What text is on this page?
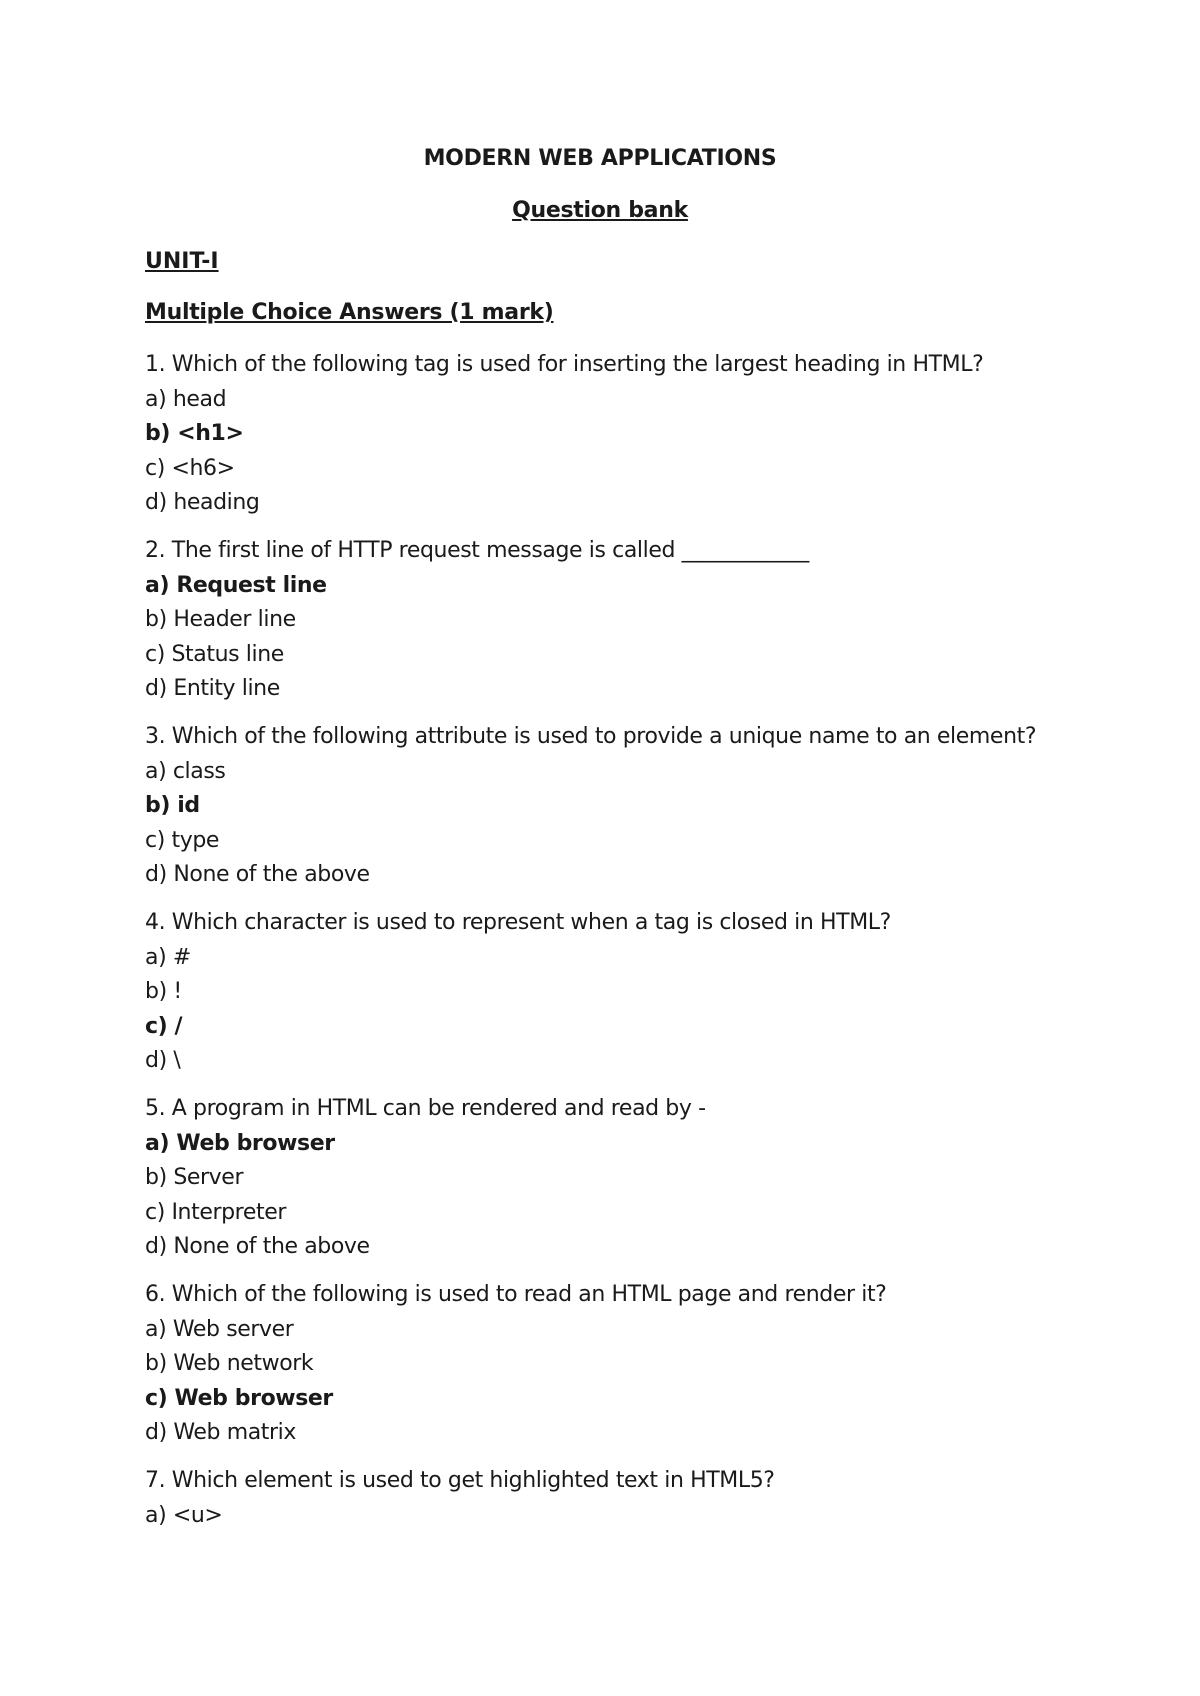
MODERN WEB APPLICATIONS
Question bank
UNIT-I
Multiple Choice Answers (1 mark)
1. Which of the following tag is used for inserting the largest heading in HTML?
a) head
b) <h1>
c) <h6>
d) heading
2. The first line of HTTP request message is called ____________
a) Request line
b) Header line
c) Status line
d) Entity line
3. Which of the following attribute is used to provide a unique name to an element?
a) class
b) id
c) type
d) None of the above
4. Which character is used to represent when a tag is closed in HTML?
a) #
b) !
c) /
d) \
5. A program in HTML can be rendered and read by -
a) Web browser
b) Server
c) Interpreter
d) None of the above
6. Which of the following is used to read an HTML page and render it?
a) Web server
b) Web network
c) Web browser
d) Web matrix
7. Which element is used to get highlighted text in HTML5?
a) <u>
